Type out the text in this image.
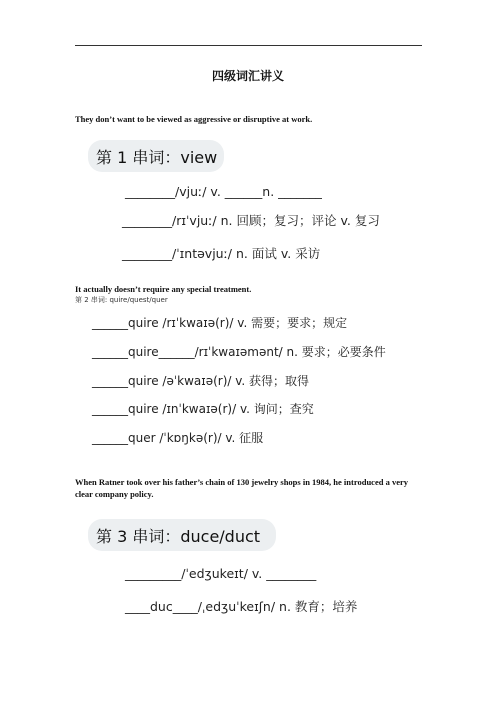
四级词汇讲义
They don’t want to be viewed as aggressive or disruptive at work.
第 1 串词：view
________/vjuː/ v. ______n. _______
________/rɪˈvjuː/ n. 回顾；复习；评论 v. 复习
________/ˈɪntəvjuː/ n. 面试 v. 采访
It actually doesn’t require any special treatment.
第 2 串词: quire/quest/quer
______quire /rɪˈkwaɪə(r)/ v. 需要；要求；规定
______quire______/rɪˈkwaɪəmənt/ n. 要求；必要条件
______quire /əˈkwaɪə(r)/ v. 获得；取得
______quire /ɪnˈkwaɪə(r)/ v. 询问；查究
______quer /ˈkɒŋkə(r)/ v. 征服
When Ratner took over his father’s chain of 130 jewelry shops in 1984, he introduced a very clear company policy.
第 3 串词：duce/duct
_________/ˈedʒukeɪt/ v. ________
____duc____/ˌedʒuˈkeɪʃn/ n. 教育；培养
